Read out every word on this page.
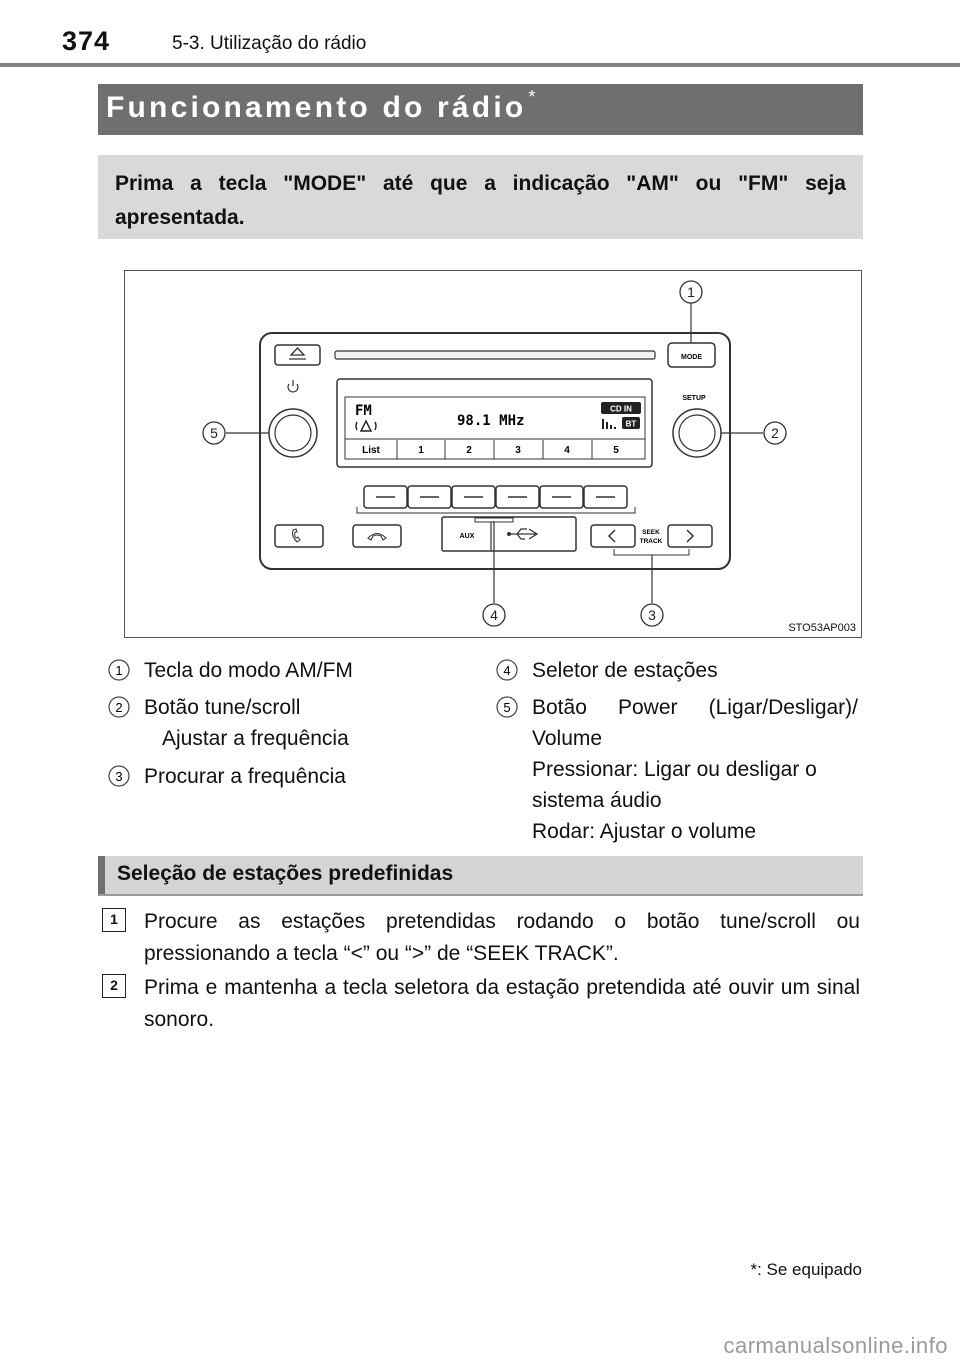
374	5-3. Utilização do rádio
Funcionamento do rádio *

Prima a tecla "MODE" até que a indicação "AM" ou "FM" seja apresentada.

MODE
FM
98.1 MHz
CD IN
BT
List	1	2	3	4	5
SETUP
AUX
SEEK
TRACK
1
2
3
4
5
STO53AP003
1 Tecla do modo AM/FM
2 Botão tune/scroll
Ajustar a frequência
3 Procurar a frequência
4 Seletor de estações
5 Botão Power (Ligar/Desligar)/ Volume
Pressionar: Ligar ou desligar o sistema áudio
Rodar: Ajustar o volume
Seleção de estações predefinidas
1	Procure as estações pretendidas rodando o botão tune/scroll ou pressionando a tecla “<” ou “>” de “SEEK TRACK”.

2	Prima e mantenha a tecla seletora da estação pretendida até ouvir um sinal sonoro.

*: Se equipado
carmanualsonline.info
